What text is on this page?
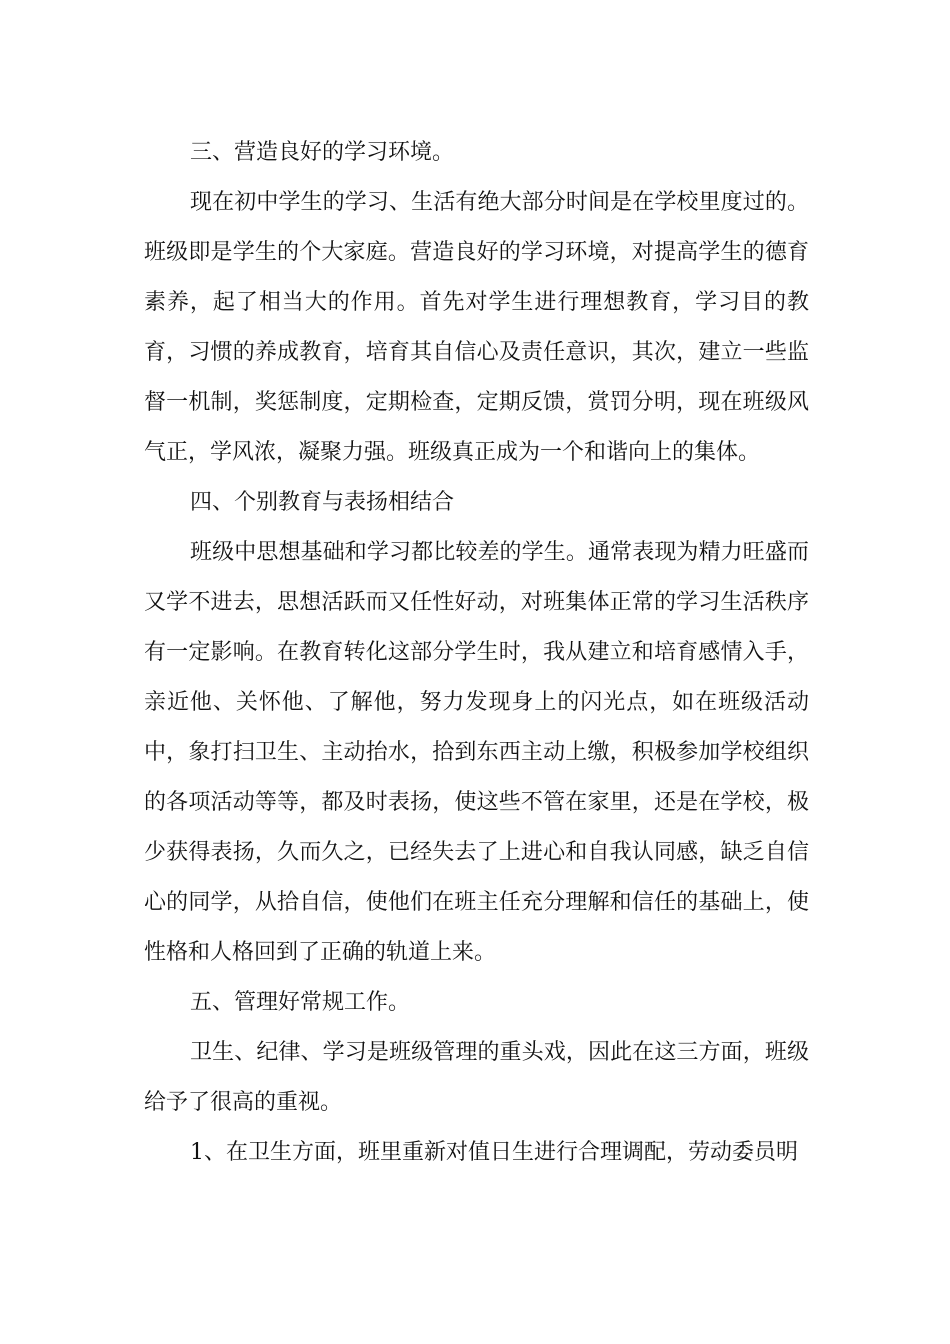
三、营造良好的学习环境。

现在初中学生的学习、生活有绝大部分时间是在学校里度过的。班级即是学生的个大家庭。营造良好的学习环境，对提高学生的德育素养，起了相当大的作用。首先对学生进行理想教育，学习目的教育，习惯的养成教育，培育其自信心及责任意识，其次，建立一些监督一机制，奖惩制度，定期检查，定期反馈，赏罚分明，现在班级风气正，学风浓，凝聚力强。班级真正成为一个和谐向上的集体。

四、个别教育与表扬相结合

班级中思想基础和学习都比较差的学生。通常表现为精力旺盛而又学不进去，思想活跃而又任性好动，对班集体正常的学习生活秩序有一定影响。在教育转化这部分学生时，我从建立和培育感情入手，亲近他、关怀他、了解他，努力发现身上的闪光点，如在班级活动中，象打扫卫生、主动抬水，拾到东西主动上缴，积极参加学校组织的各项活动等等，都及时表扬，使这些不管在家里，还是在学校，极少获得表扬，久而久之，已经失去了上进心和自我认同感，缺乏自信心的同学，从拾自信，使他们在班主任充分理解和信任的基础上，使性格和人格回到了正确的轨道上来。

五、管理好常规工作。

卫生、纪律、学习是班级管理的重头戏，因此在这三方面，班级给予了很高的重视。

1、在卫生方面，班里重新对值日生进行合理调配，劳动委员明
